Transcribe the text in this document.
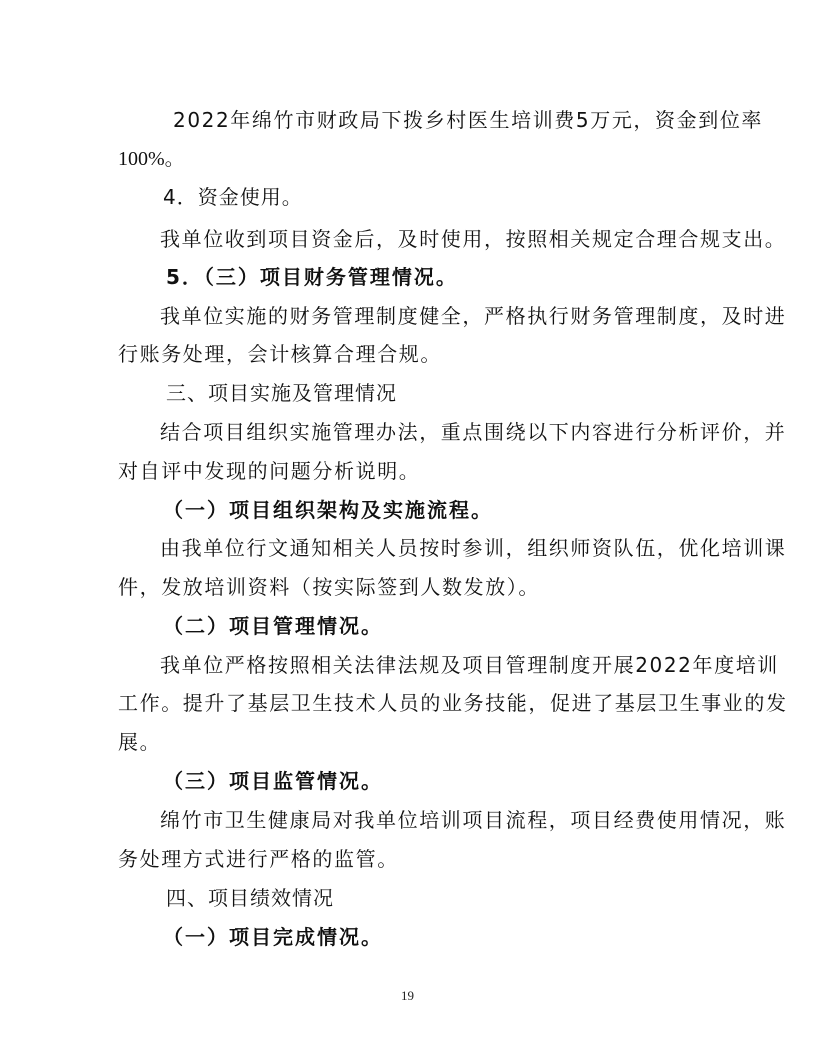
2022年绵竹市财政局下拨乡村医生培训费5万元，资金到位率
100%。
4．资金使用。
我单位收到项目资金后，及时使用，按照相关规定合理合规支出。
5．（三）项目财务管理情况。
我单位实施的财务管理制度健全，严格执行财务管理制度，及时进
行账务处理，会计核算合理合规。
三、项目实施及管理情况
结合项目组织实施管理办法，重点围绕以下内容进行分析评价，并
对自评中发现的问题分析说明。
（一）项目组织架构及实施流程。
由我单位行文通知相关人员按时参训，组织师资队伍，优化培训课
件，发放培训资料（按实际签到人数发放）。
（二）项目管理情况。
我单位严格按照相关法律法规及项目管理制度开展2022年度培训
工作。提升了基层卫生技术人员的业务技能，促进了基层卫生事业的发
展。
（三）项目监管情况。
绵竹市卫生健康局对我单位培训项目流程，项目经费使用情况，账
务处理方式进行严格的监管。
四、项目绩效情况
（一）项目完成情况。
19
